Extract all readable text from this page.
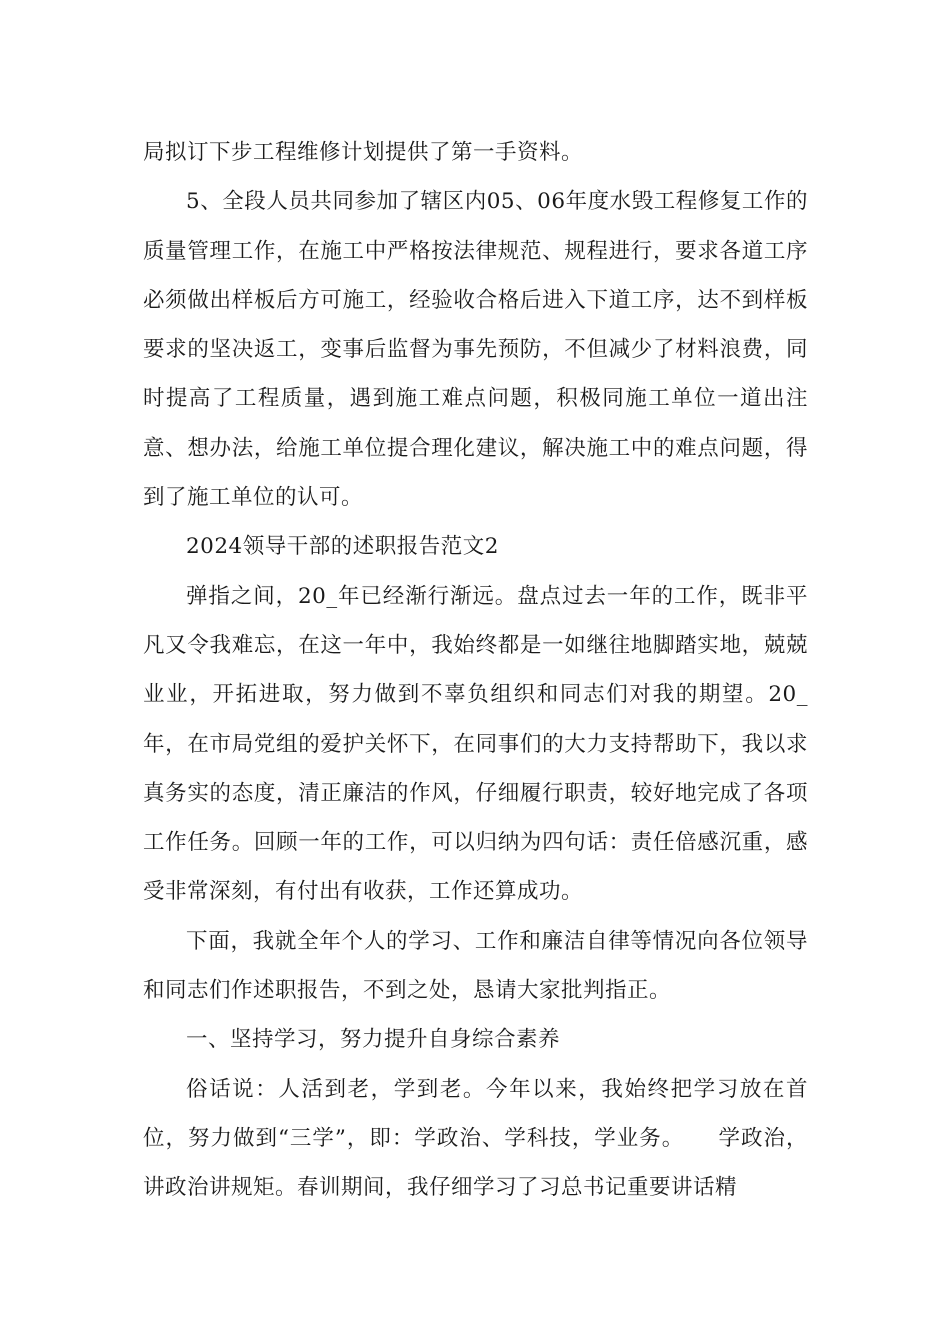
局拟订下步工程维修计划提供了第一手资料。

5、全段人员共同参加了辖区内05、06年度水毁工程修复工作的质量管理工作，在施工中严格按法律规范、规程进行，要求各道工序必须做出样板后方可施工，经验收合格后进入下道工序，达不到样板要求的坚决返工，变事后监督为事先预防，不但减少了材料浪费，同时提高了工程质量，遇到施工难点问题，积极同施工单位一道出注意、想办法，给施工单位提合理化建议，解决施工中的难点问题，得到了施工单位的认可。

2024领导干部的述职报告范文2

弹指之间，20_年已经渐行渐远。盘点过去一年的工作，既非平凡又令我难忘，在这一年中，我始终都是一如继往地脚踏实地，兢兢业业，开拓进取，努力做到不辜负组织和同志们对我的期望。20_年，在市局党组的爱护关怀下，在同事们的大力支持帮助下，我以求真务实的态度，清正廉洁的作风，仔细履行职责，较好地完成了各项工作任务。回顾一年的工作，可以归纳为四句话：责任倍感沉重，感受非常深刻，有付出有收获，工作还算成功。

下面，我就全年个人的学习、工作和廉洁自律等情况向各位领导和同志们作述职报告，不到之处，恳请大家批判指正。

一、坚持学习，努力提升自身综合素养

俗话说：人活到老，学到老。今年以来，我始终把学习放在首位，努力做到“三学”，即：学政治、学科技，学业务。　　学政治，讲政治讲规矩。春训期间，我仔细学习了习总书记重要讲话精
